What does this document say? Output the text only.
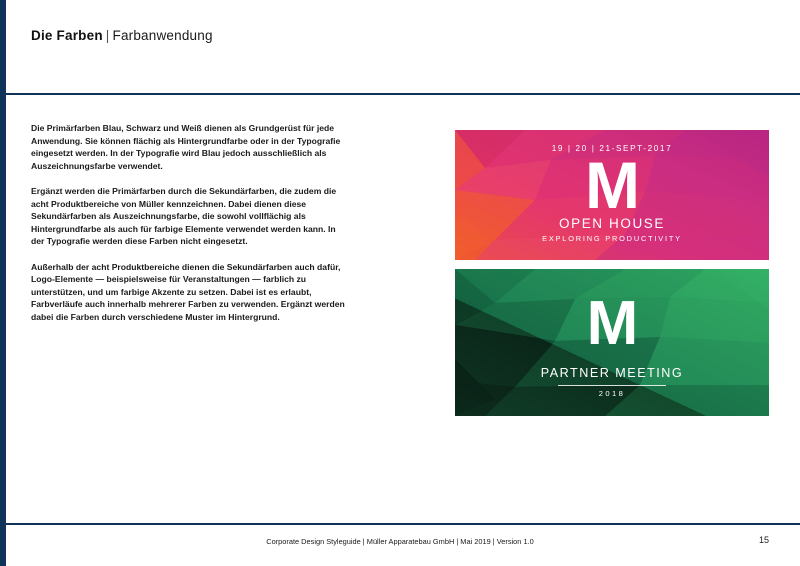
Die Farben | Farbanwendung

Die Primärfarben Blau, Schwarz und Weiß dienen als Grundgerüst für jede Anwendung. Sie können flächig als Hintergrundfarbe oder in der Typografie eingesetzt werden. In der Typografie wird Blau jedoch ausschließlich als Auszeichnungsfarbe verwendet.

Ergänzt werden die Primärfarben durch die Sekundärfarben, die zudem die acht Produktbereiche von Müller kennzeichnen. Dabei dienen diese Sekundärfarben als Auszeichnungsfarbe, die sowohl vollflächig als Hintergrundfarbe als auch für farbige Elemente verwendet werden kann. In der Typografie werden diese Farben nicht eingesetzt.

Außerhalb der acht Produktbereiche dienen die Sekundärfarben auch dafür, Logo-Elemente — beispielsweise für Veranstaltungen — farblich zu unterstützen, und um farbige Akzente zu setzen. Dabei ist es erlaubt, Farbverläufe auch innerhalb mehrerer Farben zu verwenden. Ergänzt werden dabei die Farben durch verschiedene Muster im Hintergrund.

19 | 20 | 21-SEPT-2017
M
OPEN HOUSE
EXPLORING PRODUCTIVITY
M
PARTNER MEETING
2018
Corporate Design Styleguide | Müller Apparatebau GmbH | Mai 2019 | Version 1.0	15
